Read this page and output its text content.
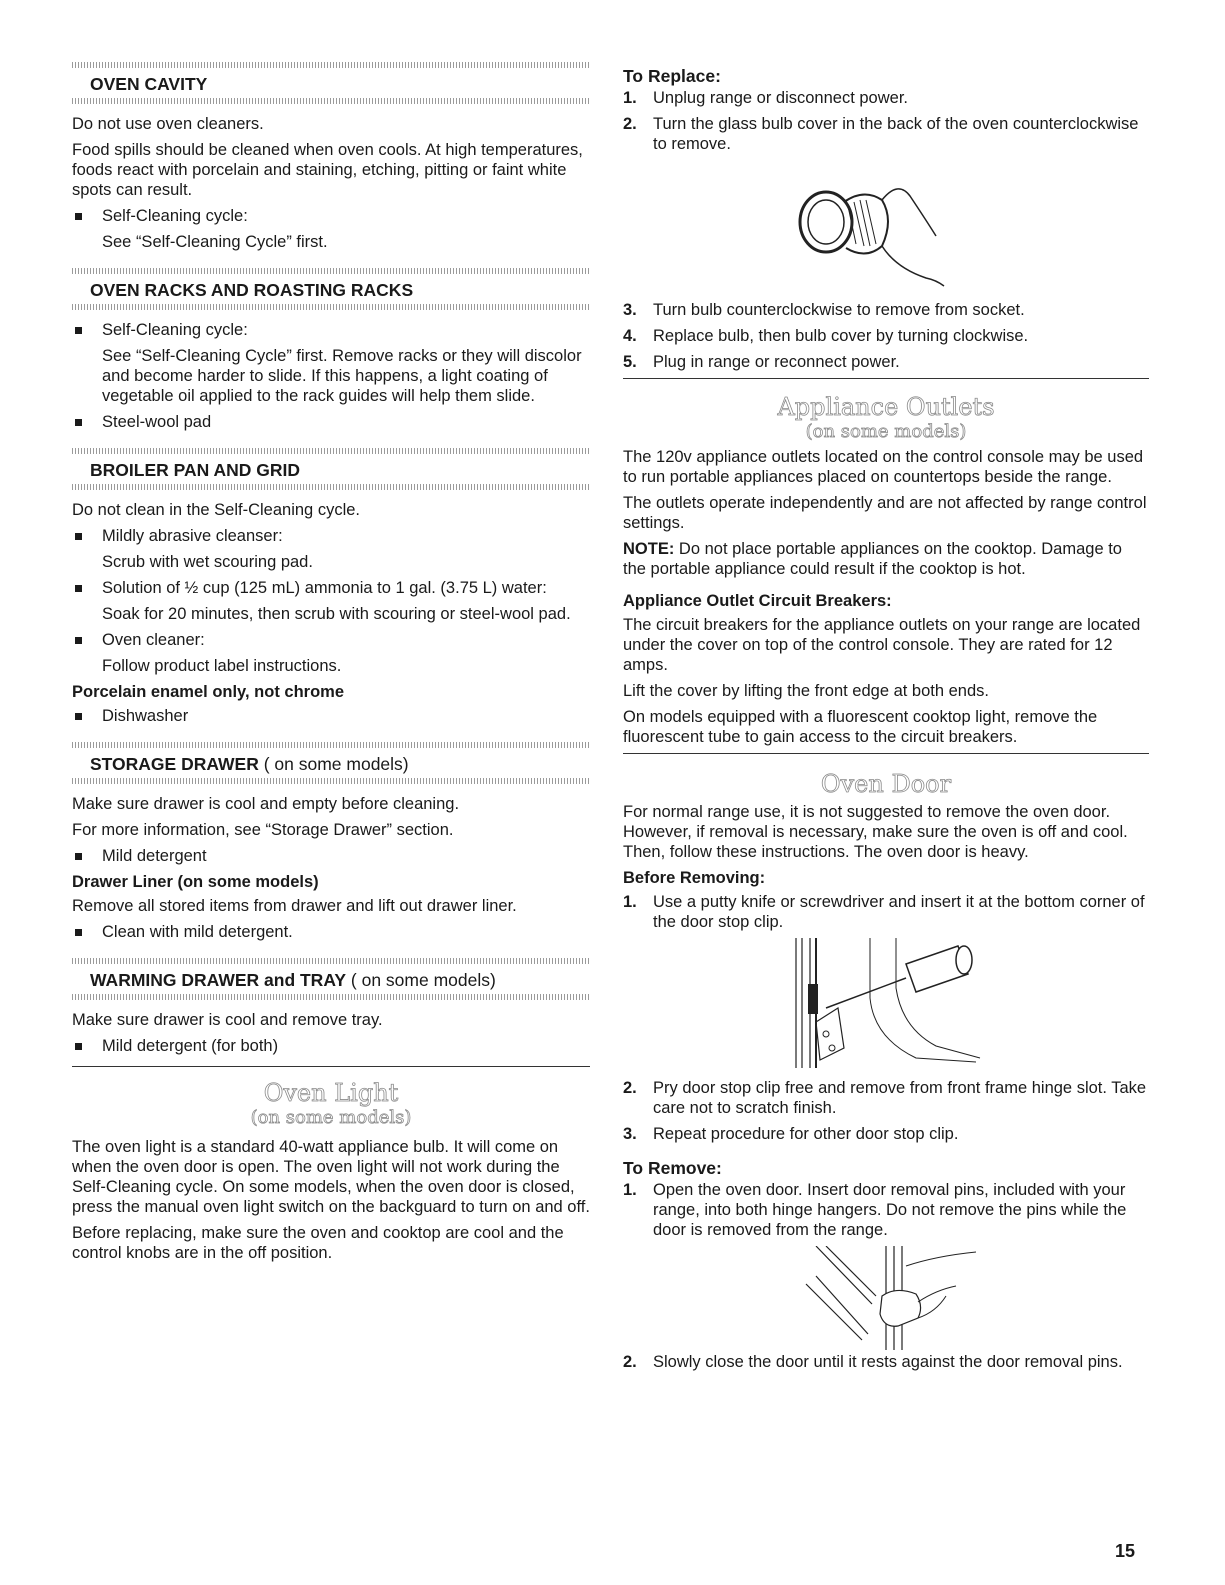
OVEN CAVITY

Do not use oven cleaners.

Food spills should be cleaned when oven cools. At high temperatures, foods react with porcelain and staining, etching, pitting or faint white spots can result.

Self-Cleaning cycle:

See “Self-Cleaning Cycle” first.

OVEN RACKS AND ROASTING RACKS
Self-Cleaning cycle:

See “Self-Cleaning Cycle” first. Remove racks or they will discolor and become harder to slide. If this happens, a light coating of vegetable oil applied to the rack guides will help them slide.

Steel-wool pad
BROILER PAN AND GRID

Do not clean in the Self-Cleaning cycle.

Mildly abrasive cleanser:

Scrub with wet scouring pad.

Solution of ½ cup (125 mL) ammonia to 1 gal. (3.75 L) water:

Soak for 20 minutes, then scrub with scouring or steel-wool pad.

Oven cleaner:

Follow product label instructions.

Porcelain enamel only, not chrome
Dishwasher
STORAGE DRAWER ( on some models)

Make sure drawer is cool and empty before cleaning.

For more information, see “Storage Drawer” section.

Mild detergent
Drawer Liner (on some models)

Remove all stored items from drawer and lift out drawer liner.

Clean with mild detergent.
WARMING DRAWER and TRAY ( on some models)

Make sure drawer is cool and remove tray.

Mild detergent (for both)
Oven Light
(on some models)

The oven light is a standard 40-watt appliance bulb. It will come on when the oven door is open. The oven light will not work during the Self-Cleaning cycle. On some models, when the oven door is closed, press the manual oven light switch on the backguard to turn on and off.

Before replacing, make sure the oven and cooktop are cool and the control knobs are in the off position.

To Replace:
1. Unplug range or disconnect power.
2. Turn the glass bulb cover in the back of the oven counterclockwise to remove.
3. Turn bulb counterclockwise to remove from socket.
4. Replace bulb, then bulb cover by turning clockwise.
5. Plug in range or reconnect power.
Appliance Outlets
(on some models)

The 120v appliance outlets located on the control console may be used to run portable appliances placed on countertops beside the range.

The outlets operate independently and are not affected by range control settings.

NOTE: Do not place portable appliances on the cooktop. Damage to the portable appliance could result if the cooktop is hot.

Appliance Outlet Circuit Breakers:

The circuit breakers for the appliance outlets on your range are located under the cover on top of the control console. They are rated for 12 amps.

Lift the cover by lifting the front edge at both ends.

On models equipped with a fluorescent cooktop light, remove the fluorescent tube to gain access to the circuit breakers.

Oven Door

For normal range use, it is not suggested to remove the oven door. However, if removal is necessary, make sure the oven is off and cool. Then, follow these instructions. The oven door is heavy.

Before Removing:
1. Use a putty knife or screwdriver and insert it at the bottom corner of the door stop clip.
2. Pry door stop clip free and remove from front frame hinge slot. Take care not to scratch finish.
3. Repeat procedure for other door stop clip.
To Remove:
1. Open the oven door. Insert door removal pins, included with your range, into both hinge hangers. Do not remove the pins while the door is removed from the range.
2. Slowly close the door until it rests against the door removal pins.
15
